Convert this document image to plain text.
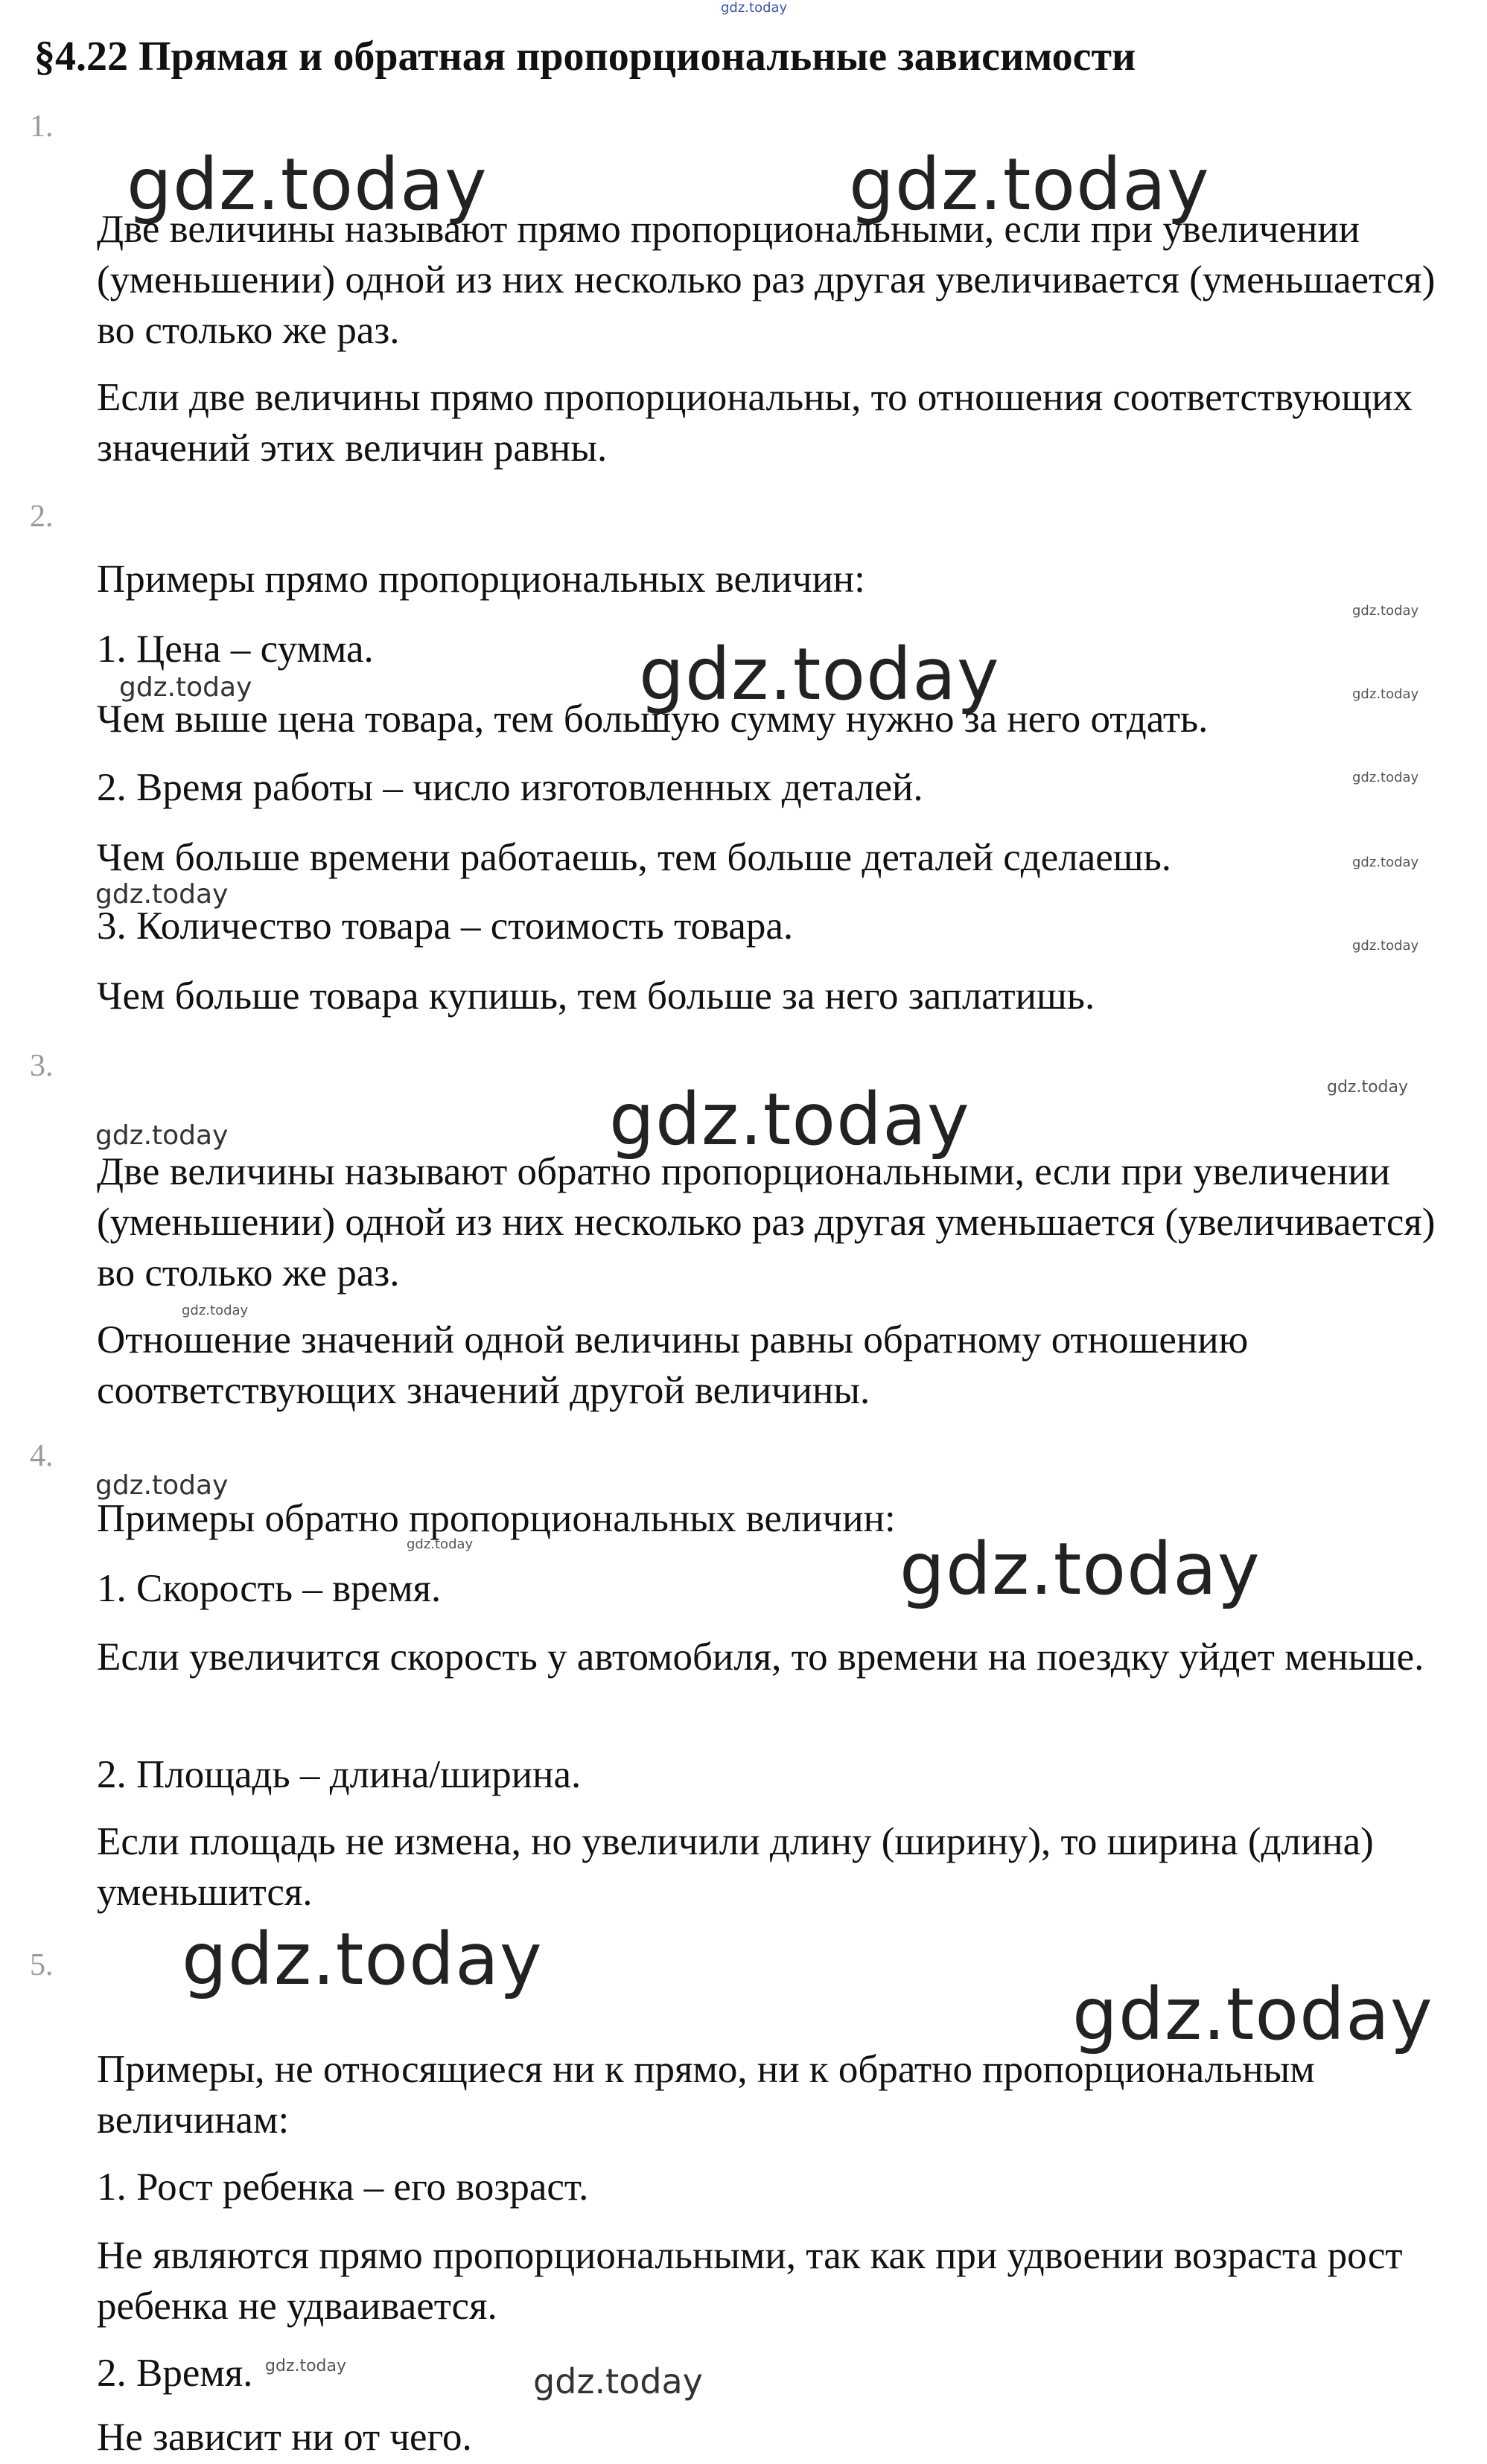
gdz.today
§4.22 Прямая и обратная пропорциональные зависимости
1.
gdz.today	gdz.today

Две величины называют прямо пропорциональными, если при увеличении (уменьшении) одной из них несколько раз другая увеличивается (уменьшается) во столько же раз.

Если две величины прямо пропорциональны, то отношения соответствующих значений этих величин равны.

2.

Примеры прямо пропорциональных величин:

1. Цена – сумма.

Чем выше цена товара, тем большую сумму нужно за него отдать.

2. Время работы – число изготовленных деталей.

Чем больше времени работаешь, тем больше деталей сделаешь.

3. Количество товара – стоимость товара.

Чем больше товара купишь, тем больше за него заплатишь.

gdz.today
gdz.today
gdz.today
gdz.today
gdz.today
gdz.today
gdz.today
gdz.today
3.
gdz.today
gdz.today
gdz.today

Две величины называют обратно пропорциональными, если при увеличении (уменьшении) одной из них несколько раз другая уменьшается (увеличивается) во столько же раз.

gdz.today

Отношение значений одной величины равны обратному отношению соответствующих значений другой величины.

4.
gdz.today

Примеры обратно пропорциональных величин:

gdz.today	gdz.today

1. Скорость – время.

Если увеличится скорость у автомобиля, то времени на поездку уйдет меньше.

2. Площадь – длина/ширина.

Если площадь не измена, но увеличили длину (ширину), то ширина (длина) уменьшится.

5. gdz.today
gdz.today

Примеры, не относящиеся ни к прямо, ни к обратно пропорциональным величинам:

1. Рост ребенка – его возраст.

Не являются прямо пропорциональными, так как при удвоении возраста рост ребенка не удваивается.

2. Время. gdz.today	gdz.today

Не зависит ни от чего.
